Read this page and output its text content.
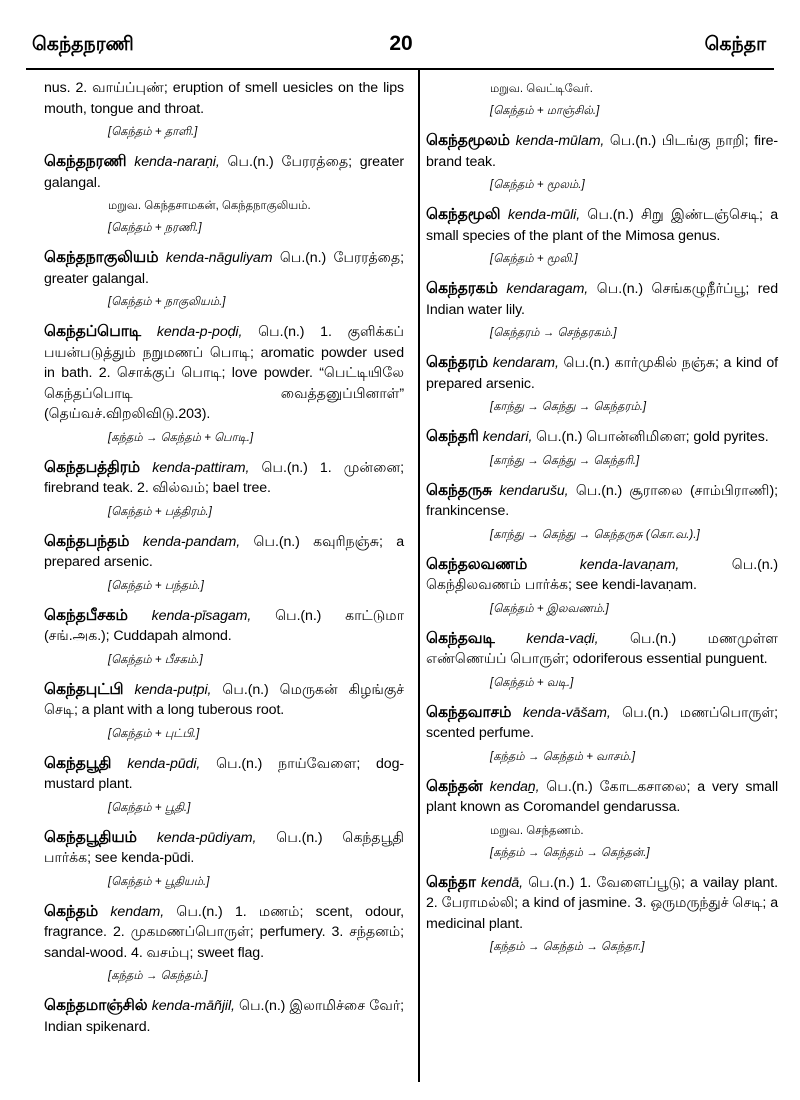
கெந்தநரணி	20	கெந்தா
nus. 2. வாய்ப்புண்; eruption of smell uesicles on the lips mouth, tongue and throat.
[கெந்தம் + தாளி.]
கெந்தநரணி kenda-naraṇi, பெ.(n.) பேரரத்தை; greater galangal.
மறுவ. கெந்தசாமகன், கெந்தநாகுலியம்.
[கெந்தம் + நரணி.]
கெந்தநாகுலியம் kenda-nāguliyam பெ.(n.) பேரரத்தை; greater galangal.
[கெந்தம் + நாகுலியம்.]
கெந்தப்பொடி kenda-p-poḍi, பெ.(n.) 1. குளிக்கப் பயன்படுத்தும் நறுமணப் பொடி; aromatic powder used in bath. 2. சொக்குப் பொடி; love powder. “பெட்டியிலே கெந்தப்பொடி வைத்தனுப்பினாள்” (தெய்வச்.விறலிவிடு.203).
[கந்தம் → கெந்தம் + பொடி.]
கெந்தபத்திரம் kenda-pattiram, பெ.(n.) 1. முன்னை; firebrand teak. 2. வில்வம்; bael tree.
[கெந்தம் + பத்திரம்.]
கெந்தபந்தம் kenda-pandam, பெ.(n.) கவுரிநஞ்சு; a prepared arsenic.
[கெந்தம் + பந்தம்.]
கெந்தபீசகம் kenda-pīsagam, பெ.(n.) காட்டுமா (சங்.அக.); Cuddapah almond.
[கெந்தம் + பீசகம்.]
கெந்தபுட்பி kenda-puṭpi, பெ.(n.) மெருகன் கிழங்குச் செடி; a plant with a long tuberous root.
[கெந்தம் + புட்பி.]
கெந்தபூதி kenda-pūdi, பெ.(n.) நாய்வேளை; dog-mustard plant.
[கெந்தம் + பூதி.]
கெந்தபூதியம் kenda-pūdiyam, பெ.(n.) கெந்தபூதி பார்க்க; see kenda-pūdi.
[கெந்தம் + பூதியம்.]
கெந்தம் kendam, பெ.(n.) 1. மணம்; scent, odour, fragrance. 2. முகமணப்பொருள்; perfumery. 3. சந்தனம்; sandal-wood. 4. வசம்பு; sweet flag.
[கந்தம் → கெந்தம்.]
கெந்தமாஞ்சில் kenda-māñjil, பெ.(n.) இலாமிச்சை வேர்; Indian spikenard.
மறுவ. வெட்டிவேர்.
[கெந்தம் + மாஞ்சில்.]
கெந்தமூலம் kenda-mūlam, பெ.(n.) பிடங்கு நாறி; fire-brand teak.
[கெந்தம் + மூலம்.]
கெந்தமூலி kenda-mūli, பெ.(n.) சிறு இண்டஞ்செடி; a small species of the plant of the Mimosa genus.
[கெந்தம் + மூலி.]
கெந்தரகம் kendaragam, பெ.(n.) செங்கழுநீர்ப்பூ; red Indian water lily.
[கெந்தரம் → செந்தரகம்.]
கெந்தரம் kendaram, பெ.(n.) கார்முகில் நஞ்சு; a kind of prepared arsenic.
[காந்து → கெந்து → கெந்தரம்.]
கெந்தரி kendari, பெ.(n.) பொன்னிமிளை; gold pyrites.
[காந்து → கெந்து → கெந்தரி.]
கெந்தருசு kendarušu, பெ.(n.) சூராலை (சாம்பிராணி); frankincense.
[காந்து → கெந்து → கெந்தருசு (கொ.வ.).]
கெந்தலவணம்	kenda-lavaṇam, பெ.(n.) கெந்திலவணம் பார்க்க; see kendi-lavaṇam.
[கெந்தம் + இலவணம்.]
கெந்தவடி kenda-vaḍi, பெ.(n.) மணமுள்ள எண்ணெய்ப் பொருள்; odoriferous essential punguent.
[கெந்தம் + வடி.]
கெந்தவாசம் kenda-vāšam, பெ.(n.) மணப்பொருள்; scented perfume.
[கந்தம் → கெந்தம் + வாசம்.]
கெந்தன் kendaṉ, பெ.(n.) கோடகசாலை; a very small plant known as Coromandel gendarussa.
மறுவ. செந்தணம்.
[கந்தம் → கெந்தம் → கெந்தன்.]
கெந்தா kendā, பெ.(n.) 1. வேளைப்பூடு; a vailay plant. 2. பேராமல்லி; a kind of jasmine. 3. ஒருமருந்துச் செடி; a medicinal plant.
[கந்தம் → கெந்தம் → கெந்தா.]
